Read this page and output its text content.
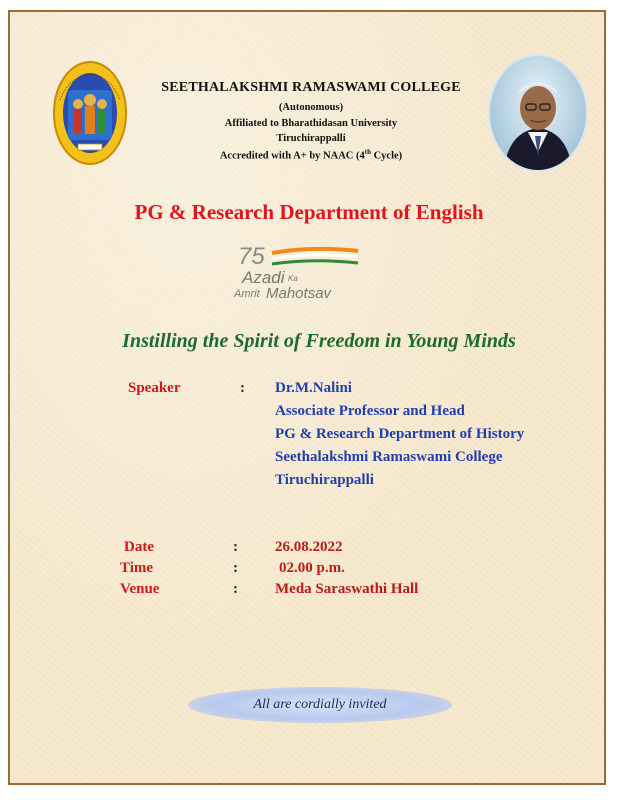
SEETHALAKSHMI RAMASWAMI COLLEGE
(Autonomous)
Affiliated to Bharathidasan University
Tiruchirappalli
Accredited with A+ by NAAC (4th Cycle)
PG & Research Department of English
75
Azadi Ka
Amrit Mahotsav
Instilling the Spirit of Freedom in Young Minds
Speaker	: Dr.M.Nalini
Associate Professor and Head
PG & Research Department of History
Seethalakshmi Ramaswami College
Tiruchirappalli
Date	: 26.08.2022
Time	:	02.00 p.m.
Venue	: Meda Saraswathi Hall
All are cordially invited
